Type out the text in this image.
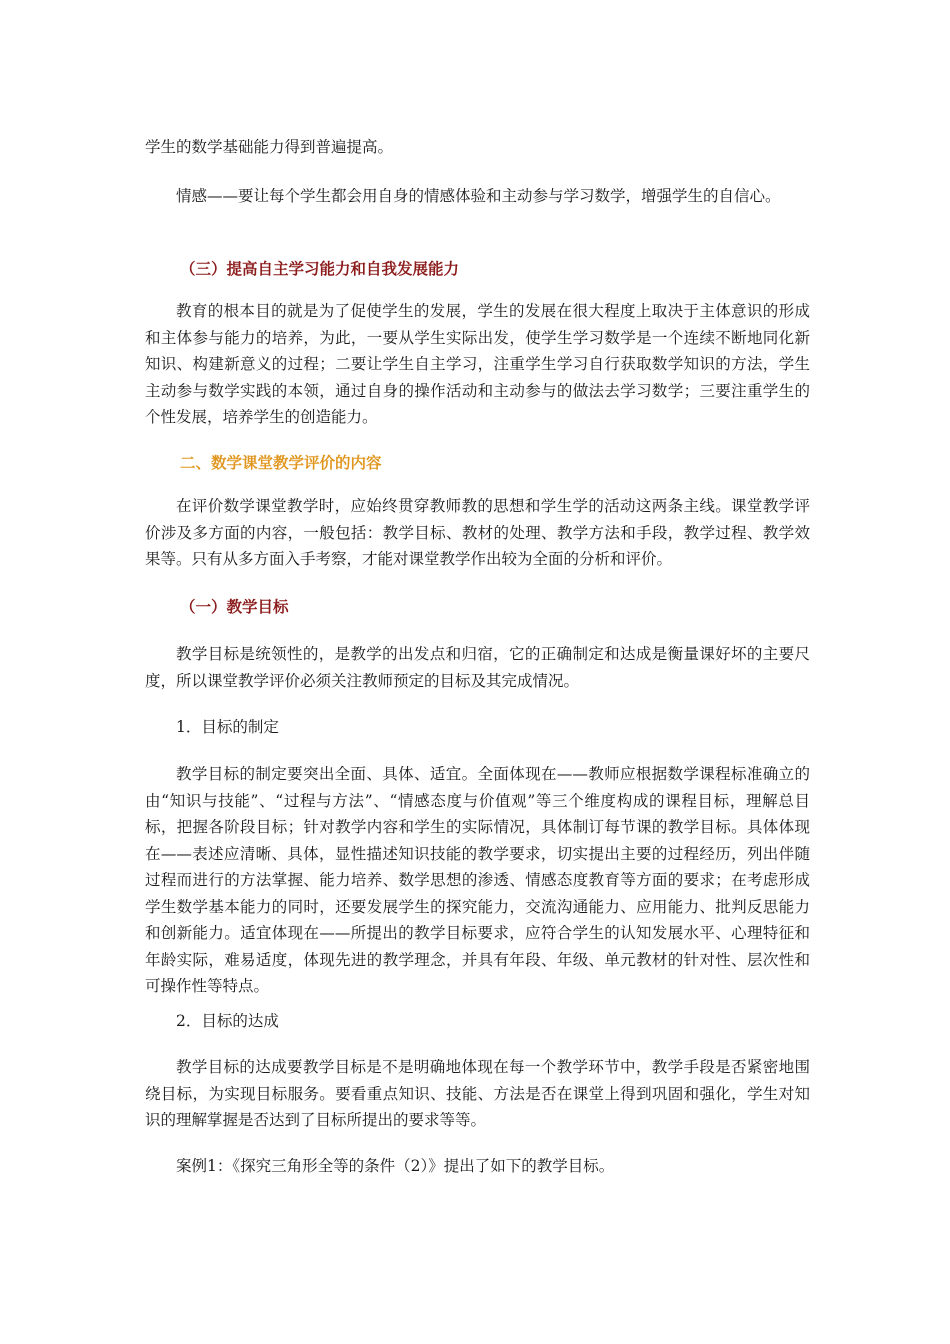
学生的数学基础能力得到普遍提高。

情感——要让每个学生都会用自身的情感体验和主动参与学习数学，增强学生的自信心。

（三）提高自主学习能力和自我发展能力

教育的根本目的就是为了促使学生的发展，学生的发展在很大程度上取决于主体意识的形成和主体参与能力的培养，为此，一要从学生实际出发，使学生学习数学是一个连续不断地同化新知识、构建新意义的过程；二要让学生自主学习，注重学生学习自行获取数学知识的方法，学生主动参与数学实践的本领，通过自身的操作活动和主动参与的做法去学习数学；三要注重学生的个性发展，培养学生的创造能力。

二、数学课堂教学评价的内容

在评价数学课堂教学时，应始终贯穿教师教的思想和学生学的活动这两条主线。课堂教学评价涉及多方面的内容，一般包括：教学目标、教材的处理、教学方法和手段，教学过程、教学效果等。只有从多方面入手考察，才能对课堂教学作出较为全面的分析和评价。

（一）教学目标

教学目标是统领性的，是教学的出发点和归宿，它的正确制定和达成是衡量课好坏的主要尺度，所以课堂教学评价必须关注教师预定的目标及其完成情况。

1．目标的制定

教学目标的制定要突出全面、具体、适宜。全面体现在——教师应根据数学课程标准确立的由“知识与技能”、“过程与方法”、“情感态度与价值观”等三个维度构成的课程目标，理解总目标，把握各阶段目标；针对教学内容和学生的实际情况，具体制订每节课的教学目标。具体体现在——表述应清晰、具体，显性描述知识技能的教学要求，切实提出主要的过程经历，列出伴随过程而进行的方法掌握、能力培养、数学思想的渗透、情感态度教育等方面的要求；在考虑形成学生数学基本能力的同时，还要发展学生的探究能力，交流沟通能力、应用能力、批判反思能力和创新能力。适宜体现在——所提出的教学目标要求，应符合学生的认知发展水平、心理特征和年龄实际，难易适度，体现先进的教学理念，并具有年段、年级、单元教材的针对性、层次性和可操作性等特点。

2．目标的达成

教学目标的达成要教学目标是不是明确地体现在每一个教学环节中，教学手段是否紧密地围绕目标，为实现目标服务。要看重点知识、技能、方法是否在课堂上得到巩固和强化，学生对知识的理解掌握是否达到了目标所提出的要求等等。

案例1：《探究三角形全等的条件（2）》提出了如下的教学目标。
